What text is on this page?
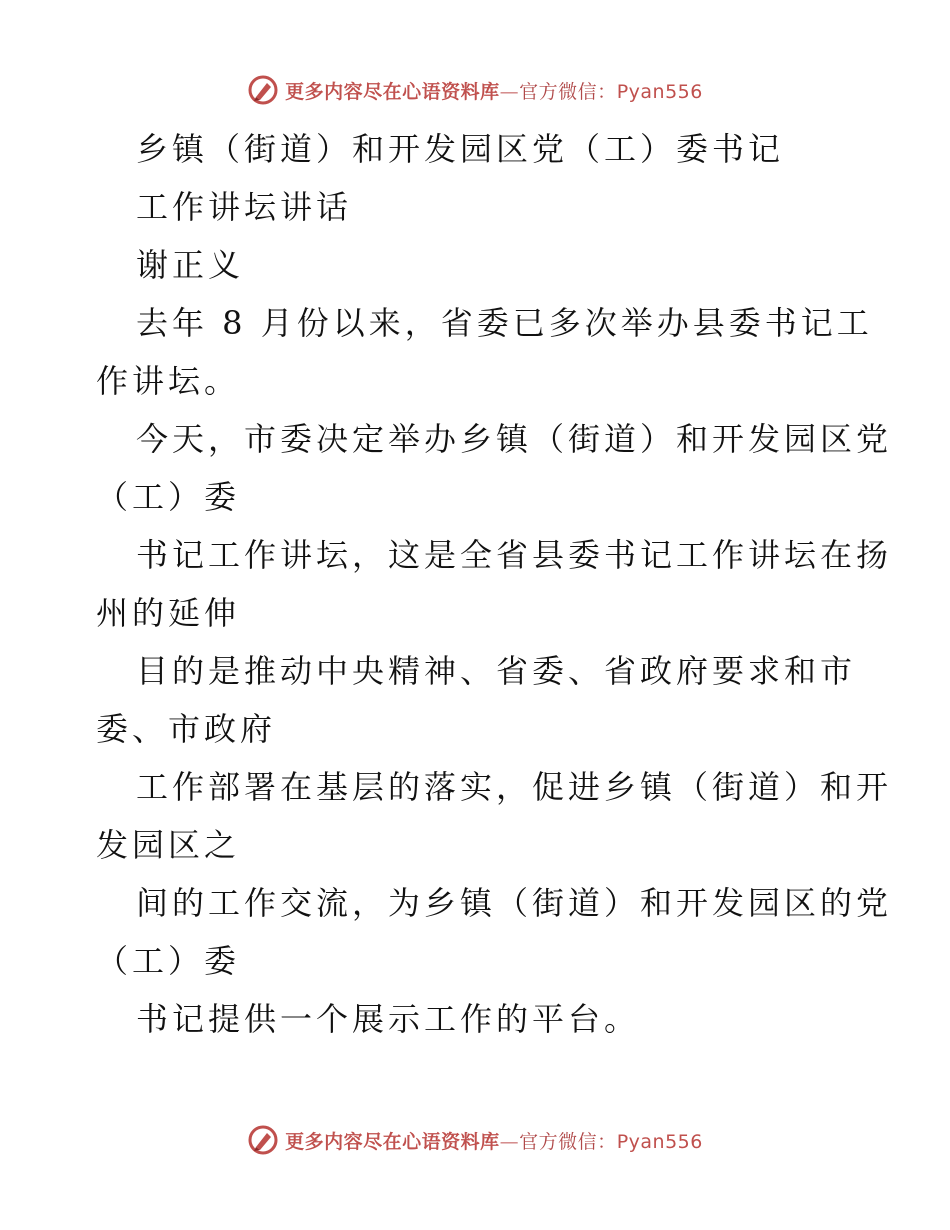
更多内容尽在心语资料库—官方微信：Pyan556
乡镇（街道）和开发园区党（工）委书记
工作讲坛讲话
谢正义
去年 8 月份以来，省委已多次举办县委书记工
作讲坛。
今天，市委决定举办乡镇（街道）和开发园区党
（工）委
书记工作讲坛，这是全省县委书记工作讲坛在扬
州的延伸
目的是推动中央精神、省委、省政府要求和市
委、市政府
工作部署在基层的落实，促进乡镇（街道）和开
发园区之
间的工作交流，为乡镇（街道）和开发园区的党
（工）委
书记提供一个展示工作的平台。
更多内容尽在心语资料库—官方微信：Pyan556
